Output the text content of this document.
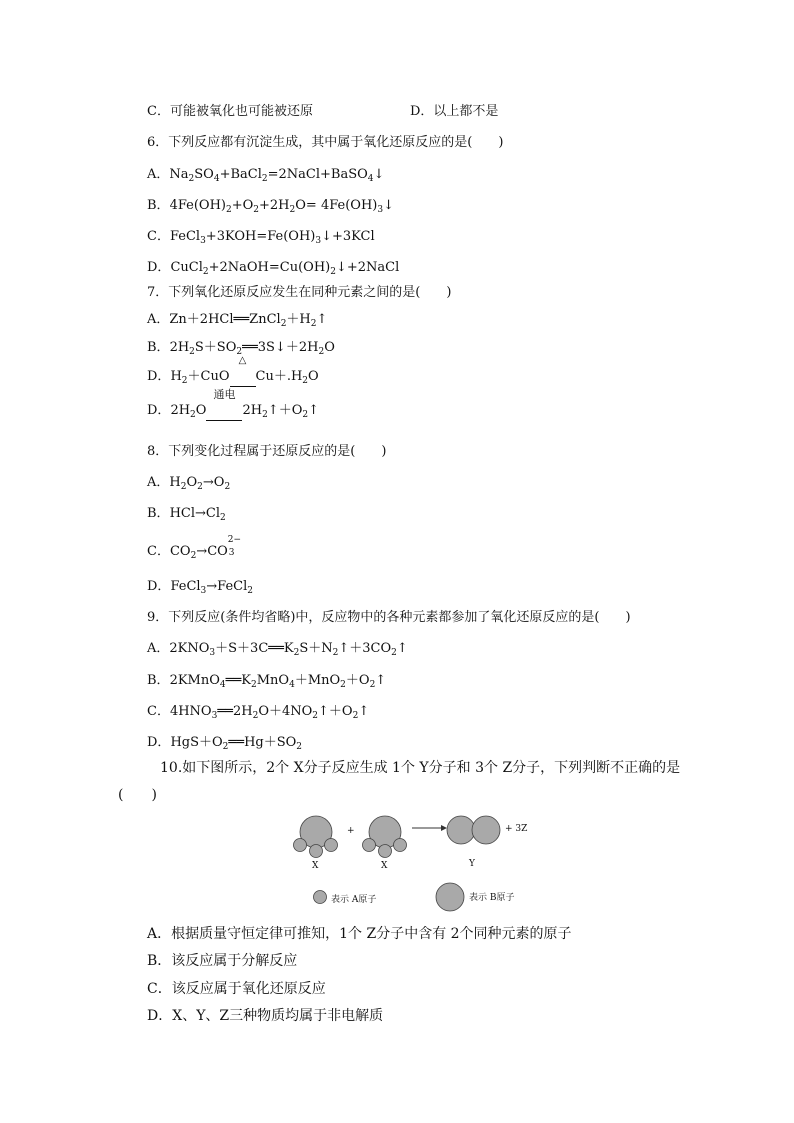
C．可能被氧化也可能被还原	D．以上都不是
6．下列反应都有沉淀生成，其中属于氧化还原反应的是(　　)
A．$Na_2SO_4+BaCl_2=2NaCl+BaSO_4↓$
B．$4Fe(OH)_2+O_2+2H_2O=$ $4Fe(OH)_3↓$
C．$FeCl_3+3KOH=Fe(OH)_3↓+3KCl$
D．$CuCl_2+2NaOH=Cu(OH)_2↓+2NaCl$
7．下列氧化还原反应发生在同种元素之间的是(　　)
A．$Zn+2HCl══ZnCl_2+H_2↑$
B．$2H_2S+SO_2══3S↓+2H_2O$
D．$H_2+CuO$
△
$Cu+.H_2O$
D．$2H_2O$
通电
$2H_2↑+O_2↑$
8．下列变化过程属于还原反应的是(　　)
A．$H_2O_2\to O_2$
B．$HCl\to Cl_2$
C．$CO_2\to CO$
2−
3
D．FeCl$_3$→FeCl$_2$
9．下列反应(条件均省略)中，反应物中的各种元素都参加了氧化还原反应的是(　　)
A．$2KNO_3+S+3C══K_2S+N_2↑+3CO_2↑$
B．$2KMnO_4══K_2MnO_4+MnO_2+O_2↑$
C．$4HNO_3══2H_2O+4NO_2↑+O_2↑$
D．$HgS+O_2══Hg+SO_2$
10.如下图所示，2个 X分子反应生成 1个 Y分子和 3个 Z分子，下列判断不正确的是
(　　)
+	+ 3Z
X	X	Y
表示 A原子	表示 B原子
A．根据质量守恒定律可推知，1个 Z分子中含有 2个同种元素的原子
B．该反应属于分解反应
C．该反应属于氧化还原反应
D．X、Y、Z三种物质均属于非电解质
